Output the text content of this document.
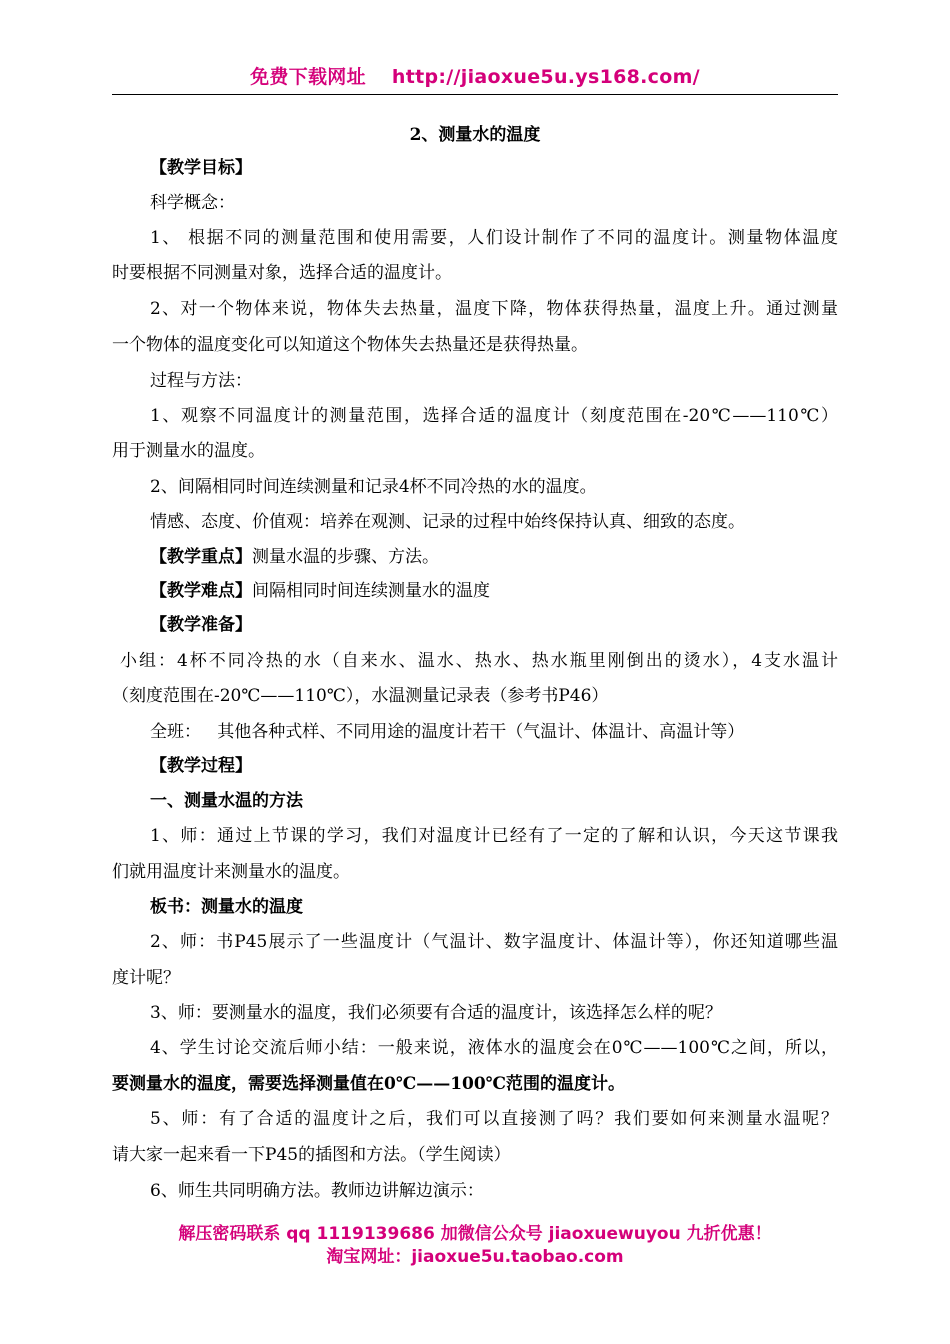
免费下载网址 http://jiaoxue5u.ys168.com/
2、测量水的温度
【教学目标】
科学概念：
1、 根据不同的测量范围和使用需要，人们设计制作了不同的温度计。测量物体温度
时要根据不同测量对象，选择合适的温度计。
2、对一个物体来说，物体失去热量，温度下降，物体获得热量，温度上升。通过测量
一个物体的温度变化可以知道这个物体失去热量还是获得热量。
过程与方法：
1、观察不同温度计的测量范围，选择合适的温度计（刻度范围在-20℃——110℃）
用于测量水的温度。
2、间隔相同时间连续测量和记录4杯不同冷热的水的温度。
情感、态度、价值观：培养在观测、记录的过程中始终保持认真、细致的态度。
【教学重点】测量水温的步骤、方法。
【教学难点】间隔相同时间连续测量水的温度
【教学准备】
小组：4杯不同冷热的水（自来水、温水、热水、热水瓶里刚倒出的烫水），4支水温计
（刻度范围在-20℃——110℃），水温测量记录表（参考书P46）
全班：   其他各种式样、不同用途的温度计若干（气温计、体温计、高温计等）
【教学过程】
一、测量水温的方法
1、师：通过上节课的学习，我们对温度计已经有了一定的了解和认识，今天这节课我
们就用温度计来测量水的温度。
板书：测量水的温度
2、师：书P45展示了一些温度计（气温计、数字温度计、体温计等），你还知道哪些温
度计呢？
3、师：要测量水的温度，我们必须要有合适的温度计，该选择怎么样的呢？
4、学生讨论交流后师小结：一般来说，液体水的温度会在0℃——100℃之间，所以，
要测量水的温度，需要选择测量值在0℃——100℃范围的温度计。
5、师：有了合适的温度计之后，我们可以直接测了吗？我们要如何来测量水温呢？
请大家一起来看一下P45的插图和方法。（学生阅读）
6、师生共同明确方法。教师边讲解边演示：
解压密码联系 qq 1119139686 加微信公众号 jiaoxuewuyou 九折优惠！
淘宝网址：jiaoxue5u.taobao.com
